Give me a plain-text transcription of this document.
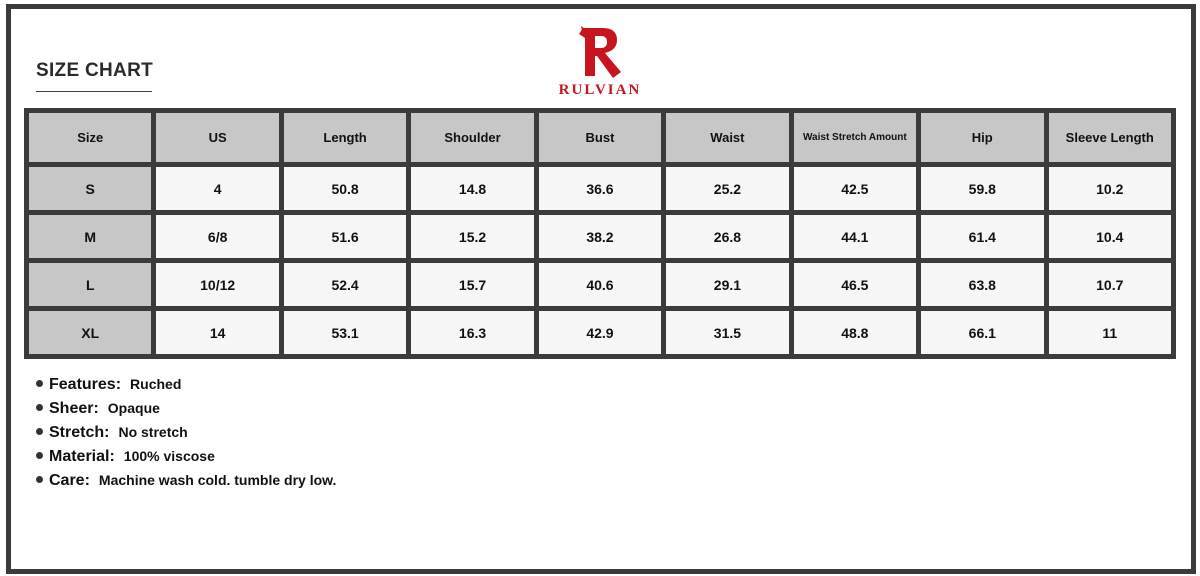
SIZE CHART
RULVIAN
Size	US	Length	Shoulder	Bust	Waist	Waist Stretch Amount	Hip	Sleeve Length
S	4	50.8	14.8	36.6	25.2	42.5	59.8	10.2
M	6/8	51.6	15.2	38.2	26.8	44.1	61.4	10.4
L	10/12	52.4	15.7	40.6	29.1	46.5	63.8	10.7
XL	14	53.1	16.3	42.9	31.5	48.8	66.1	11
Features: Ruched
Sheer: Opaque
Stretch: No stretch
Material: 100% viscose
Care: Machine wash cold. tumble dry low.
